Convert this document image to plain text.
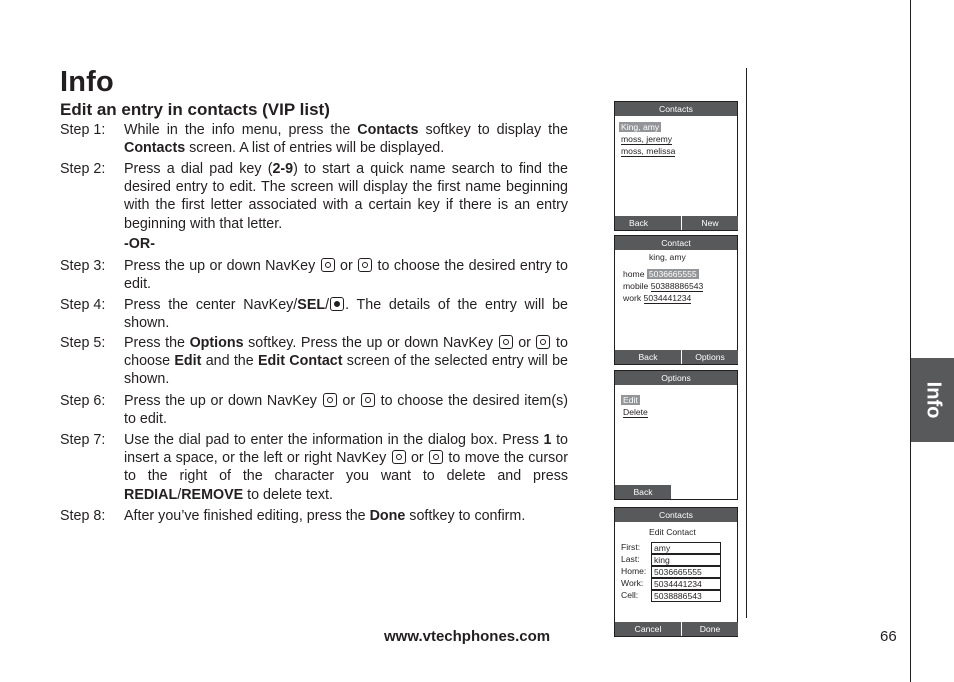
Info
Edit an entry in contacts (VIP list)
Step 1:	While in the info menu, press the Contacts softkey to display the Contacts screen. A list of entries will be displayed.
Step 2:	Press a dial pad key (2-9) to start a quick name search to find the desired entry to edit. The screen will display the first name beginning with the first letter associated with a certain key if there is an entry beginning with that letter.
-OR-
Step 3:	Press the up or down NavKey  or  to choose the desired entry to edit.
Step 4:	Press the center NavKey/SEL/ . The details of the entry will be shown.
Step 5:	Press the Options softkey. Press the up or down NavKey  or  to choose Edit and the Edit Contact screen of the selected entry will be shown.
Step 6:	Press the up or down NavKey  or  to choose the desired item(s) to edit.
Step 7:	Use the dial pad to enter the information in the dialog box. Press 1 to insert a space, or the left or right NavKey  or  to move the cursor to the right of the character you want to delete and press REDIAL/REMOVE to delete text.
Step 8:	After you’ve finished editing, press the Done softkey to confirm.
Contacts
King, amy
moss, jeremy
moss, melissa
Back	New
Contact
king, amy
home 5036665555
mobile 50388886543
work 5034441234
Back	Options
Options
Edit
Delete
Back
Contacts
Edit Contact
First:	amy
Last:	king
Home: 5036665555
Work:	5034441234
Cell:	5038886543
Cancel	Done
Info
www.vtechphones.com	66
